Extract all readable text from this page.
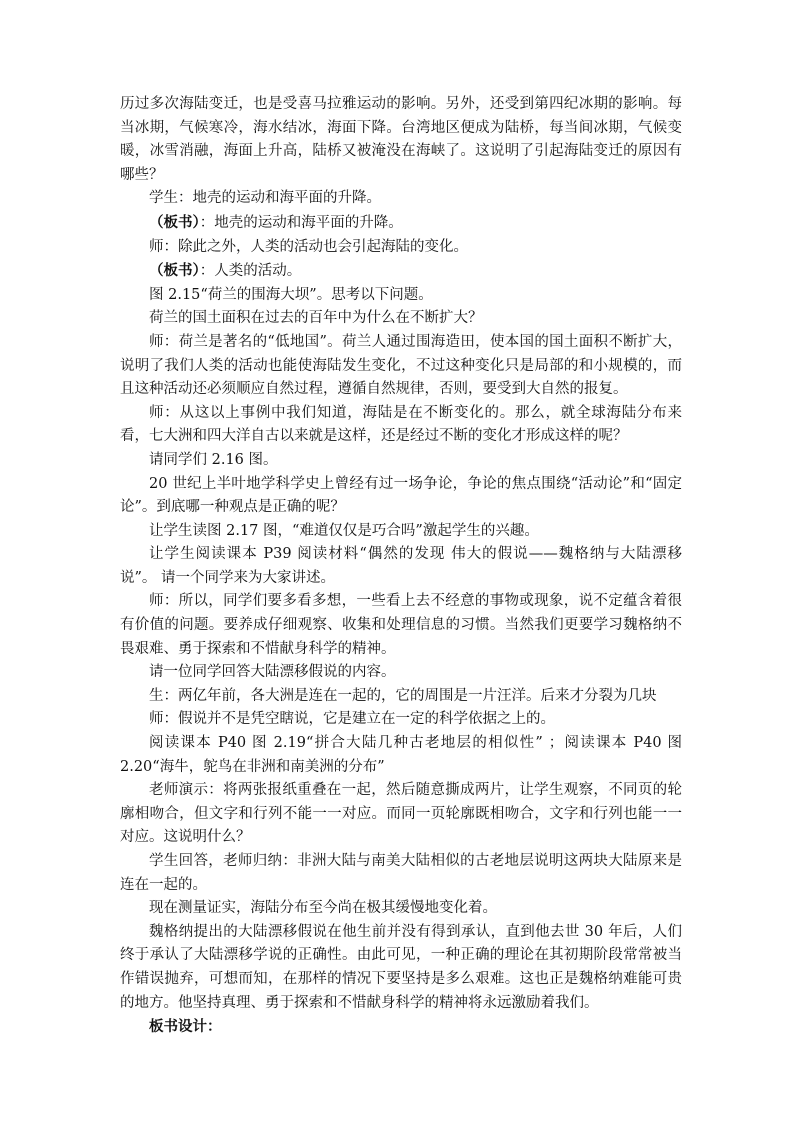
历过多次海陆变迁，也是受喜马拉雅运动的影响。另外，还受到第四纪冰期的影响。每当冰期，气候寒冷，海水结冰，海面下降。台湾地区便成为陆桥，每当间冰期，气候变暖，冰雪消融，海面上升高，陆桥又被淹没在海峡了。这说明了引起海陆变迁的原因有哪些？

学生：地壳的运动和海平面的升降。

（板书）：地壳的运动和海平面的升降。

师：除此之外，人类的活动也会引起海陆的变化。

（板书）：人类的活动。

图 2.15“荷兰的围海大坝”。思考以下问题。

荷兰的国土面积在过去的百年中为什么在不断扩大？

师：荷兰是著名的“低地国”。荷兰人通过围海造田，使本国的国土面积不断扩大，说明了我们人类的活动也能使海陆发生变化，不过这种变化只是局部的和小规模的，而且这种活动还必须顺应自然过程，遵循自然规律，否则，要受到大自然的报复。

师：从这以上事例中我们知道，海陆是在不断变化的。那么，就全球海陆分布来看，七大洲和四大洋自古以来就是这样，还是经过不断的变化才形成这样的呢？

请同学们 2.16 图。

20 世纪上半叶地学科学史上曾经有过一场争论，争论的焦点围绕“活动论”和“固定论”。到底哪一种观点是正确的呢？

让学生读图 2.17 图，“难道仅仅是巧合吗”激起学生的兴趣。

让学生阅读课本 P39 阅读材料“偶然的发现 伟大的假说——魏格纳与大陆漂移说”。 请一个同学来为大家讲述。

师：所以，同学们要多看多想，一些看上去不经意的事物或现象，说不定蕴含着很有价值的问题。要养成仔细观察、收集和处理信息的习惯。当然我们更要学习魏格纳不畏艰难、勇于探索和不惜献身科学的精神。

请一位同学回答大陆漂移假说的内容。

生：两亿年前，各大洲是连在一起的，它的周围是一片汪洋。后来才分裂为几块

师：假说并不是凭空瞎说，它是建立在一定的科学依据之上的。

阅读课本 P40 图 2.19“拼合大陆几种古老地层的相似性” ；阅读课本 P40 图 2.20“海牛，鸵鸟在非洲和南美洲的分布”

老师演示：将两张报纸重叠在一起，然后随意撕成两片，让学生观察，不同页的轮廓相吻合，但文字和行列不能一一对应。而同一页轮廓既相吻合，文字和行列也能一一对应。这说明什么？

学生回答，老师归纳：非洲大陆与南美大陆相似的古老地层说明这两块大陆原来是连在一起的。

现在测量证实，海陆分布至今尚在极其缓慢地变化着。

魏格纳提出的大陆漂移假说在他生前并没有得到承认，直到他去世 30 年后，人们终于承认了大陆漂移学说的正确性。由此可见，一种正确的理论在其初期阶段常常被当作错误抛弃，可想而知，在那样的情况下要坚持是多么艰难。这也正是魏格纳难能可贵的地方。他坚持真理、勇于探索和不惜献身科学的精神将永远激励着我们。

板书设计：
